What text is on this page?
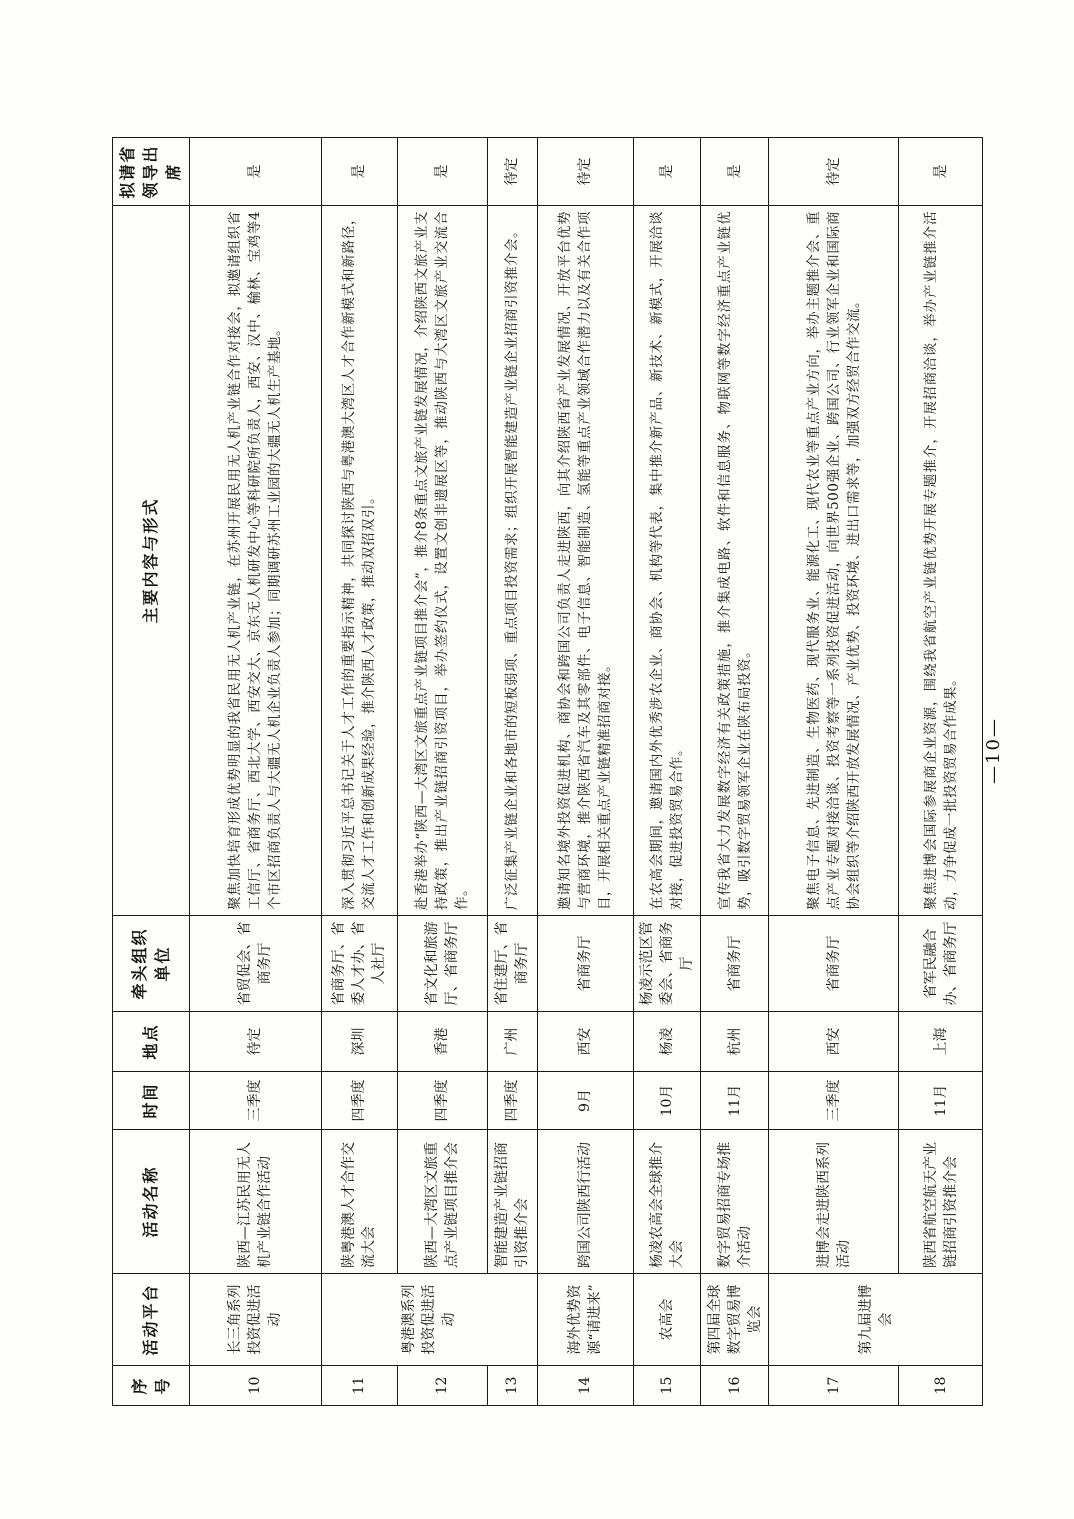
序号	活动平台	活动名称	时间	地点	牵头组织单位	主要内容与形式	拟请省领导出席
10	长三角系列投资促进活动	陕西—江苏民用无人机产业链合作活动	三季度	待定	省贸促会、省商务厅	聚焦加快培育形成优势明显的我省民用无人机产业链，在苏州开展民用无人机产业链合作对接会，拟邀请组织省工信厅、省商务厅、西北大学、西安交大、京东无人机研发中心等科研院所负责人，西安、汉中、榆林、宝鸡等4个市区招商负责人与大疆无人机企业负责人参加；同期调研苏州工业园的大疆无人机生产基地。	是
11	粤港澳系列投资促进活动	陕粤港澳人才合作交流大会	四季度	深圳	省商务厅、省委人才办、省人社厅	深入贯彻习近平总书记关于人才工作的重要指示精神，共同探讨陕西与粤港澳大湾区人才合作新模式和新路径，交流人才工作和创新成果经验，推介陕西人才政策，推动双招双引。	是
12		陕西—大湾区文旅重点产业链项目推介会	四季度	香港	省文化和旅游厅、省商务厅	赴香港举办“陕西—大湾区文旅重点产业链项目推介会”，推介8条重点文旅产业链发展情况，介绍陕西文旅产业支持政策，推出产业链招商引资项目，举办签约仪式，设置文创非遗展区等，推动陕西与大湾区文旅产业交流合作。	是
13		智能建造产业链招商引资推介会	四季度	广州	省住建厅、省商务厅	广泛征集产业链企业和各地市的短板弱项、重点项目投资需求；组织开展智能建造产业链企业招商引资推介会。	待定
14	海外优势资源“请进来”	跨国公司陕西行活动	9月	西安	省商务厅	邀请知名境外投资促进机构、商协会和跨国公司负责人走进陕西，向其介绍陕西省产业发展情况、开放平台优势与营商环境，推介陕西省汽车及其零部件、电子信息、智能制造、氢能等重点产业领域合作潜力以及有关合作项目，开展相关重点产业链精准招商对接。	待定
15	农高会	杨凌农高会全球推介大会	10月	杨凌	杨凌示范区管委会、省商务厅	在农高会期间，邀请国内外优秀涉农企业、商协会、机构等代表，集中推介新产品、新技术、新模式，开展洽谈对接，促进投资贸易合作。	是
16	第四届全球数字贸易博览会	数字贸易招商专场推介活动	11月	杭州	省商务厅	宣传我省大力发展数字经济有关政策措施，推介集成电路、软件和信息服务、物联网等数字经济重点产业链优势，吸引数字贸易领军企业在陕布局投资。	是
17	第九届进博会	进博会走进陕西系列活动	三季度	西安	省商务厅	聚焦电子信息、先进制造、生物医药、现代服务业、能源化工、现代农业等重点产业方向，举办主题推介会、重点产业专题对接洽谈、投资考察等一系列投资促进活动，向世界500强企业、跨国公司、行业领军企业和国际商协会组织等介绍陕西开放发展情况、产业优势、投资环境、进出口需求等，加强双方经贸合作交流。	待定
18		陕西省航空航天产业链招商引资推介会	11月	上海	省军民融合办、省商务厅	聚焦进博会国际参展商企业资源，围绕我省航空产业链优势开展专题推介，开展招商洽谈，举办产业链推介活动，力争促成一批投资贸易合作成果。	是
—10—
